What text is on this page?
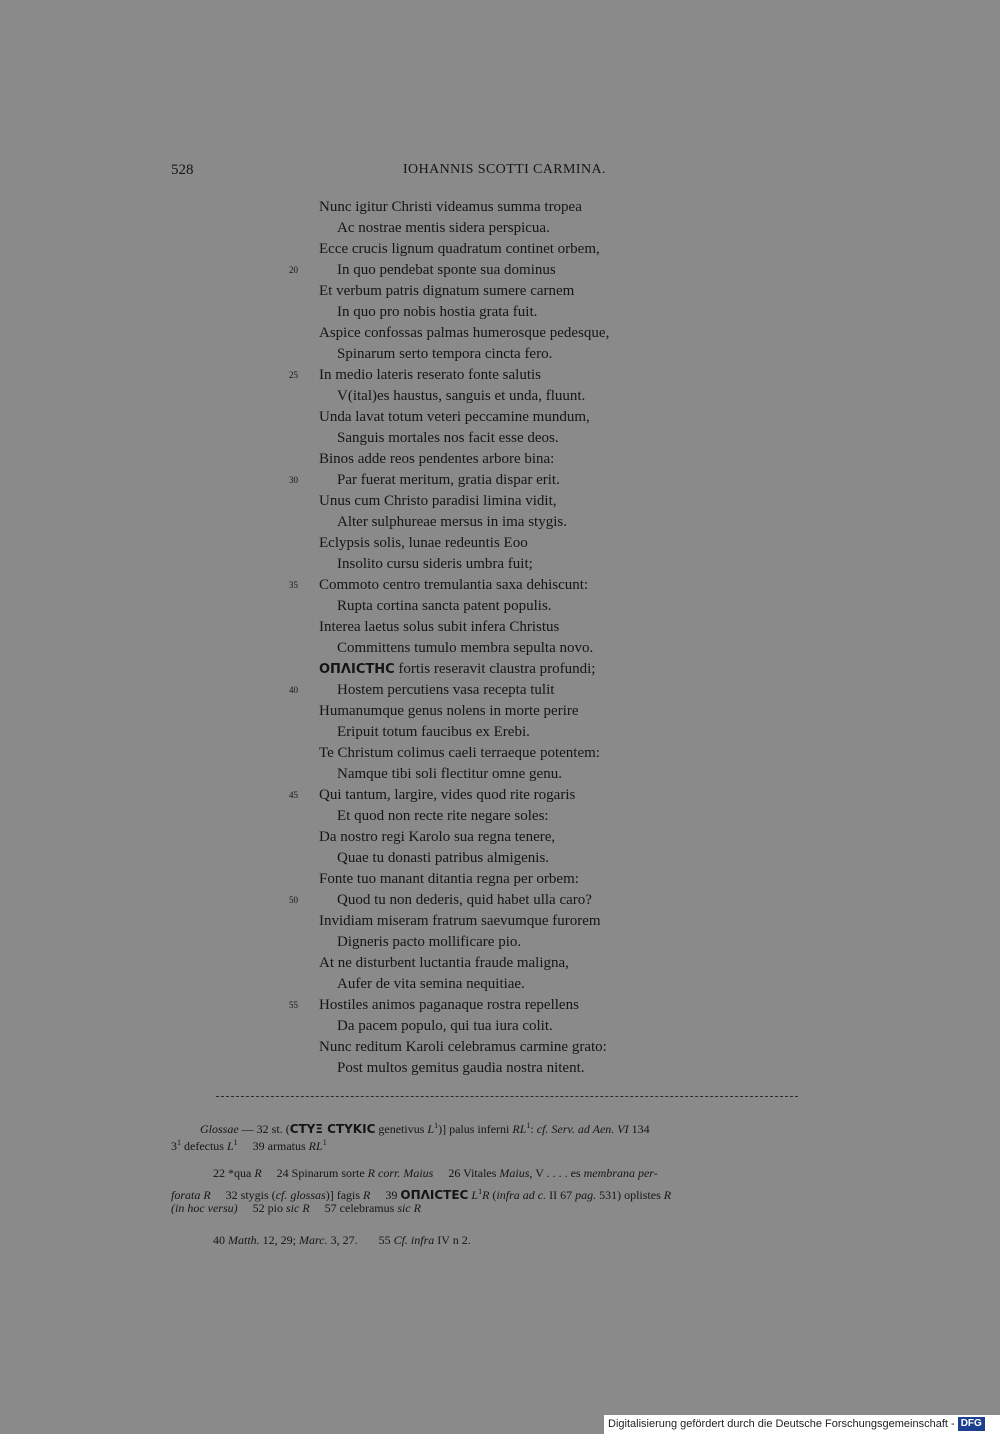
528	IOHANNIS SCOTTI CARMINA.
Nunc igitur Christi videamus summa tropea
Ac nostrae mentis sidera perspicua.
Ecce crucis lignum quadratum continet orbem,
In quo pendebat sponte sua dominus
20
Et verbum patris dignatum sumere carnem
In quo pro nobis hostia grata fuit.
Aspice confossas palmas humerosque pedesque,
Spinarum serto tempora cincta fero.
In medio lateris reserato fonte salutis
25
V(ital)es haustus, sanguis et unda, fluunt.
Unda lavat totum veteri peccamine mundum,
Sanguis mortales nos facit esse deos.
Binos adde reos pendentes arbore bina:
Par fuerat meritum, gratia dispar erit.
30
Unus cum Christo paradisi limina vidit,
Alter sulphureae mersus in ima stygis.
Eclypsis solis, lunae redeuntis Eoo
Insolito cursu sideris umbra fuit;
Commoto centro tremulantia saxa dehiscunt:
35
Rupta cortina sancta patent populis.
Interea laetus solus subit infera Christus
Committens tumulo membra sepulta novo.
ΟΠΛΙϹΤΗϹ fortis reseravit claustra profundi;
Hostem percutiens vasa recepta tulit
40
Humanumque genus nolens in morte perire
Eripuit totum faucibus ex Erebi.
Te Christum colimus caeli terraeque potentem:
Namque tibi soli flectitur omne genu.
Qui tantum, largire, vides quod rite rogaris
45
Et quod non recte rite negare soles:
Da nostro regi Karolo sua regna tenere,
Quae tu donasti patribus almigenis.
Fonte tuo manant ditantia regna per orbem:
Quod tu non dederis, quid habet ulla caro?
50
Invidiam miseram fratrum saevumque furorem
Digneris pacto mollificare pio.
At ne disturbent luctantia fraude maligna,
Aufer de vita semina nequitiae.
Hostiles animos paganaque rostra repellens
55
Da pacem populo, qui tua iura colit.
Nunc reditum Karoli celebramus carmine grato:
Post multos gemitus gaudia nostra nitent.
Glossae — 32 st. (ϹΤΥΞ ϹΤΥΚΙϹ genetivus $L^1$)] palus inferni $RL^1$: cf. Serv. ad Aen. VI 134
$3^1$ defectus $L^1$ 39 armatus $RL^1$
22 *qua R 24 Spinarum sorte R corr. Maius 26 Vitales Maius, V . . . . es membrana per-
forata R 32 stygis (cf. glossas)] fagis R 39 ΟΠΛΙϹΤΕϹ $L^1R$ (infra ad c. II 67 pag. 531) oplistes R
(in hoc versu) 52 pio sic R 57 celebramus sic R
40 Matth. 12, 29; Marc. 3, 27. 55 Cf. infra IV n 2.
Digitalisierung gefördert durch die Deutsche Forschungsgemeinschaft - DFG
